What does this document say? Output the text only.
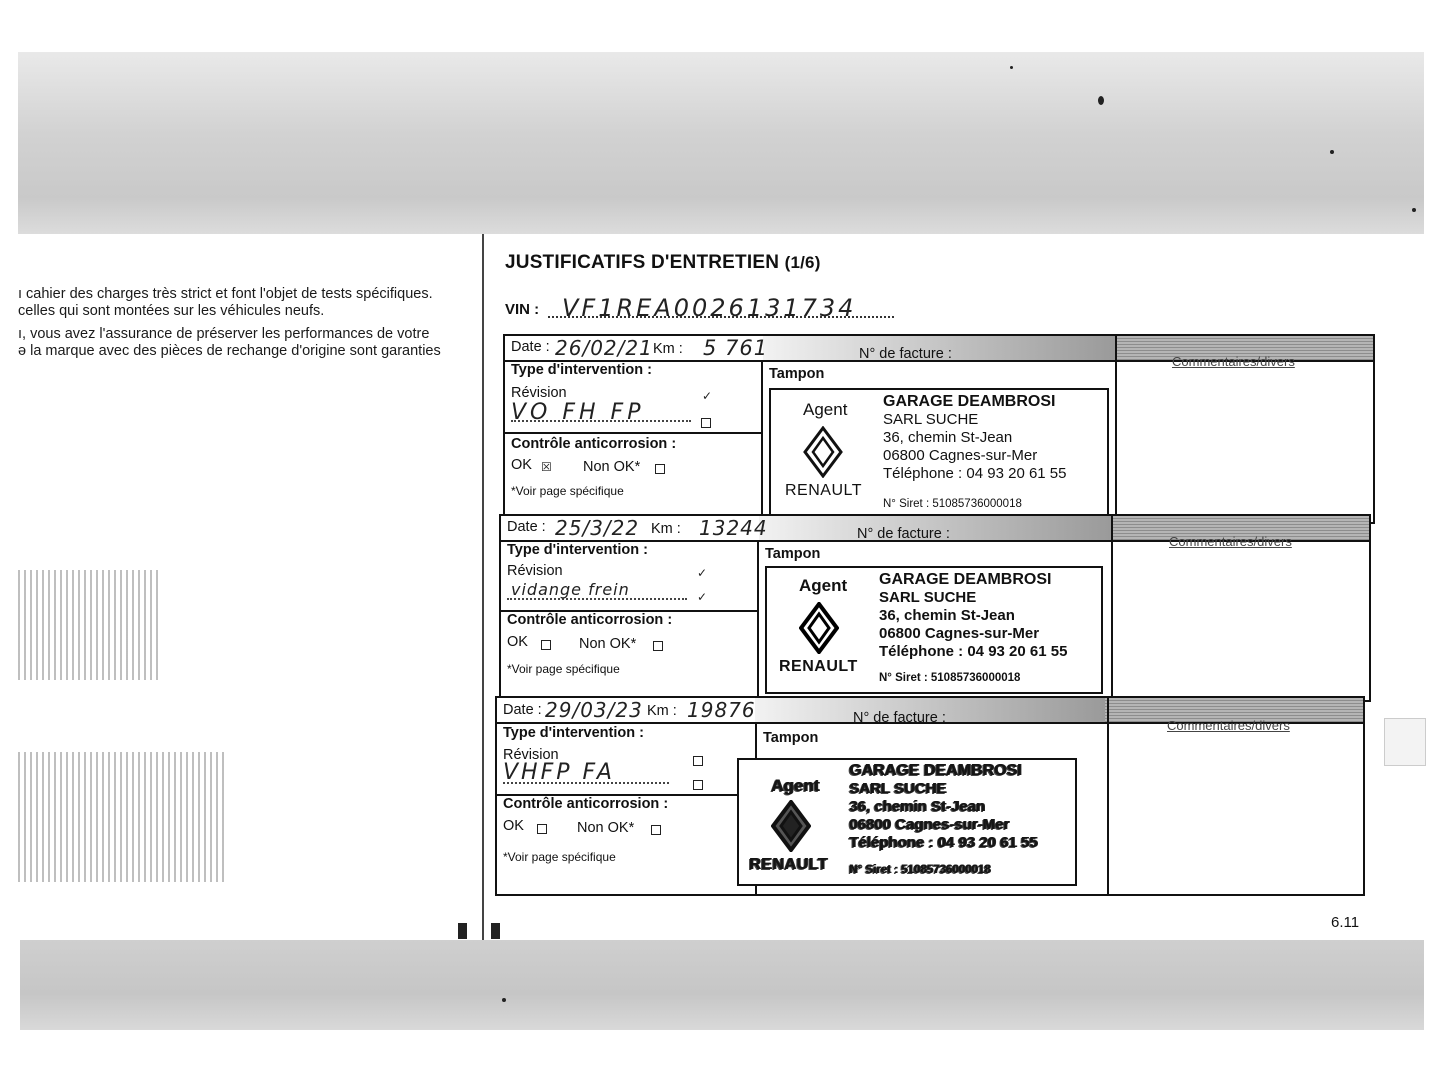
ı cahier des charges très strict et font l'objet de tests spécifiques.
celles qui sont montées sur les véhicules neufs.
ı, vous avez l'assurance de préserver les performances de votre
ǝ la marque avec des pièces de rechange d'origine sont garanties
JUSTIFICATIFS D'ENTRETIEN (1/6)
VIN : VF1REA0026131734
Date : 26/02/21 Km : 5 761	N° de facture :	Commentaires/divers
Type d'intervention :	Tampon
Révision	✓
VO FH FP
Contrôle anticorrosion :
OK ☒ Non OK*
*Voir page spécifique
Agent
RENAULT
GARAGE DEAMBROSI
SARL SUCHE
36, chemin St-Jean
06800 Cagnes-sur-Mer
Téléphone : 04 93 20 61 55
N° Siret : 51085736000018
Date : 25/3/22 Km : 13244	N° de facture :	Commentaires/divers
Type d'intervention :	Tampon
Révision	✓
vidange frein	✓
Contrôle anticorrosion :
OK	Non OK*
*Voir page spécifique
Agent
RENAULT
GARAGE DEAMBROSI
SARL SUCHE
36, chemin St-Jean
06800 Cagnes-sur-Mer
Téléphone : 04 93 20 61 55
N° Siret : 51085736000018
Date : 29/03/23 Km : 19876	N° de facture :	Commentaires/divers
Type d'intervention :	Tampon
Révision
VHFP FA
Contrôle anticorrosion :
OK	Non OK*
*Voir page spécifique
Agent
RENAULT
GARAGE DEAMBROSI
SARL SUCHE
36, chemin St-Jean
06800 Cagnes-sur-Mer
Téléphone : 04 93 20 61 55
N° Siret : 51085736000018
6.11
